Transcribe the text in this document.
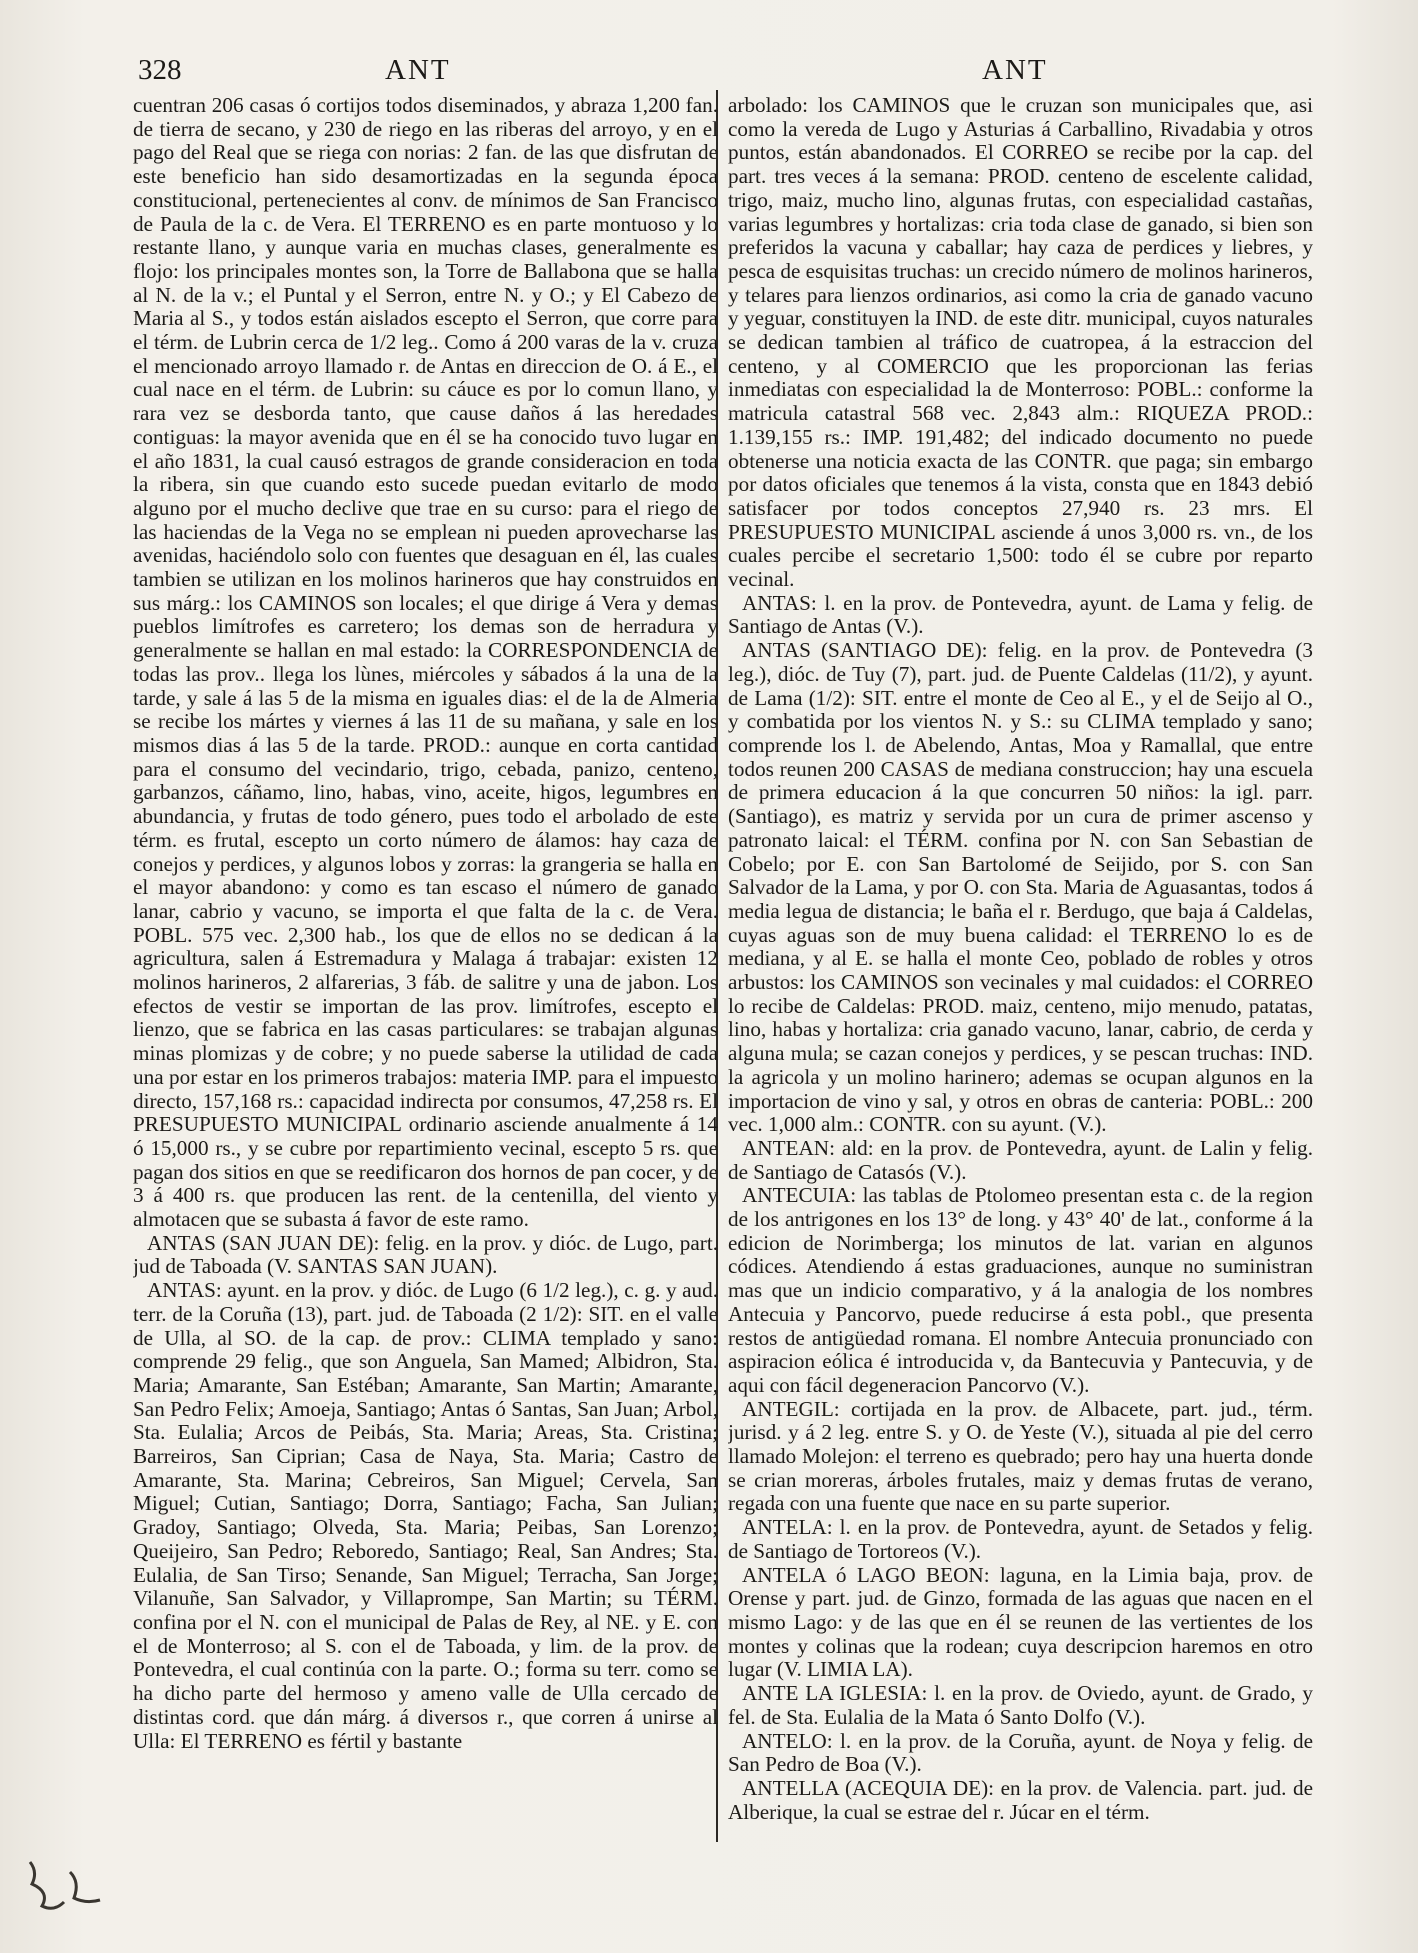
328	ANT	ANT

cuentran 206 casas ó cortijos todos diseminados, y abraza 1,200 fan. de tierra de secano, y 230 de riego en las riberas del arroyo, y en el pago del Real que se riega con norias: 2 fan. de las que disfrutan de este beneficio han sido desamortizadas en la segunda época constitucional, pertenecientes al conv. de mínimos de San Francisco de Paula de la c. de Vera. El TERRENO es en parte montuoso y lo restante llano, y aunque varia en muchas clases, generalmente es flojo: los principales montes son, la Torre de Ballabona que se halla al N. de la v.; el Puntal y el Serron, entre N. y O.; y El Cabezo de Maria al S., y todos están aislados escepto el Serron, que corre para el térm. de Lubrin cerca de 1/2 leg.. Como á 200 varas de la v. cruza el mencionado arroyo llamado r. de Antas en direccion de O. á E., el cual nace en el térm. de Lubrin: su cáuce es por lo comun llano, y rara vez se desborda tanto, que cause daños á las heredades contiguas: la mayor avenida que en él se ha conocido tuvo lugar en el año 1831, la cual causó estragos de grande consideracion en toda la ribera, sin que cuando esto sucede puedan evitarlo de modo alguno por el mucho declive que trae en su curso: para el riego de las haciendas de la Vega no se emplean ni pueden aprovecharse las avenidas, haciéndolo solo con fuentes que desaguan en él, las cuales tambien se utilizan en los molinos harineros que hay construidos en sus márg.: los CAMINOS son locales; el que dirige á Vera y demas pueblos limítrofes es carretero; los demas son de herradura y generalmente se hallan en mal estado: la CORRESPONDENCIA de todas las prov.. llega los lùnes, miércoles y sábados á la una de la tarde, y sale á las 5 de la misma en iguales dias: el de la de Almeria se recibe los mártes y viernes á las 11 de su mañana, y sale en los mismos dias á las 5 de la tarde. PROD.: aunque en corta cantidad para el consumo del vecindario, trigo, cebada, panizo, centeno, garbanzos, cáñamo, lino, habas, vino, aceite, higos, legumbres en abundancia, y frutas de todo género, pues todo el arbolado de este térm. es frutal, escepto un corto número de álamos: hay caza de conejos y perdices, y algunos lobos y zorras: la grangeria se halla en el mayor abandono: y como es tan escaso el número de ganado lanar, cabrio y vacuno, se importa el que falta de la c. de Vera. POBL. 575 vec. 2,300 hab., los que de ellos no se dedican á la agricultura, salen á Estremadura y Malaga á trabajar: existen 12 molinos harineros, 2 alfarerias, 3 fáb. de salitre y una de jabon. Los efectos de vestir se importan de las prov. limítrofes, escepto el lienzo, que se fabrica en las casas particulares: se trabajan algunas minas plomizas y de cobre; y no puede saberse la utilidad de cada una por estar en los primeros trabajos: materia IMP. para el impuesto directo, 157,168 rs.: capacidad indirecta por consumos, 47,258 rs. El PRESUPUESTO MUNICIPAL ordinario asciende anualmente á 14 ó 15,000 rs., y se cubre por repartimiento vecinal, escepto 5 rs. que pagan dos sitios en que se reedificaron dos hornos de pan cocer, y de 3 á 400 rs. que producen las rent. de la centenilla, del viento y almotacen que se subasta á favor de este ramo.

ANTAS (SAN JUAN DE): felig. en la prov. y dióc. de Lugo, part. jud de Taboada (V. SANTAS SAN JUAN).

ANTAS: ayunt. en la prov. y dióc. de Lugo (6 1/2 leg.), c. g. y aud. terr. de la Coruña (13), part. jud. de Taboada (2 1/2): SIT. en el valle de Ulla, al SO. de la cap. de prov.: CLIMA templado y sano: comprende 29 felig., que son Anguela, San Mamed; Albidron, Sta. Maria; Amarante, San Estéban; Amarante, San Martin; Amarante, San Pedro Felix; Amoeja, Santiago; Antas ó Santas, San Juan; Arbol, Sta. Eulalia; Arcos de Peibás, Sta. Maria; Areas, Sta. Cristina; Barreiros, San Ciprian; Casa de Naya, Sta. Maria; Castro de Amarante, Sta. Marina; Cebreiros, San Miguel; Cervela, San Miguel; Cutian, Santiago; Dorra, Santiago; Facha, San Julian; Gradoy, Santiago; Olveda, Sta. Maria; Peibas, San Lorenzo; Queijeiro, San Pedro; Reboredo, Santiago; Real, San Andres; Sta. Eulalia, de San Tirso; Senande, San Miguel; Terracha, San Jorge; Vilanuñe, San Salvador, y Villaprompe, San Martin; su TÉRM. confina por el N. con el municipal de Palas de Rey, al NE. y E. con el de Monterroso; al S. con el de Taboada, y lim. de la prov. de Pontevedra, el cual continúa con la parte. O.; forma su terr. como se ha dicho parte del hermoso y ameno valle de Ulla cercado de distintas cord. que dán márg. á diversos r., que corren á unirse al Ulla: El TERRENO es fértil y bastante

arbolado: los CAMINOS que le cruzan son municipales que, asi como la vereda de Lugo y Asturias á Carballino, Rivadabia y otros puntos, están abandonados. El CORREO se recibe por la cap. del part. tres veces á la semana: PROD. centeno de escelente calidad, trigo, maiz, mucho lino, algunas frutas, con especialidad castañas, varias legumbres y hortalizas: cria toda clase de ganado, si bien son preferidos la vacuna y caballar; hay caza de perdices y liebres, y pesca de esquisitas truchas: un crecido número de molinos harineros, y telares para lienzos ordinarios, asi como la cria de ganado vacuno y yeguar, constituyen la IND. de este ditr. municipal, cuyos naturales se dedican tambien al tráfico de cuatropea, á la estraccion del centeno, y al COMERCIO que les proporcionan las ferias inmediatas con especialidad la de Monterroso: POBL.: conforme la matricula catastral 568 vec. 2,843 alm.: RIQUEZA PROD.: 1.139,155 rs.: IMP. 191,482; del indicado documento no puede obtenerse una noticia exacta de las CONTR. que paga; sin embargo por datos oficiales que tenemos á la vista, consta que en 1843 debió satisfacer por todos conceptos 27,940 rs. 23 mrs. El PRESUPUESTO MUNICIPAL asciende á unos 3,000 rs. vn., de los cuales percibe el secretario 1,500: todo él se cubre por reparto vecinal.

ANTAS: l. en la prov. de Pontevedra, ayunt. de Lama y felig. de Santiago de Antas (V.).

ANTAS (SANTIAGO DE): felig. en la prov. de Pontevedra (3 leg.), dióc. de Tuy (7), part. jud. de Puente Caldelas (11/2), y ayunt. de Lama (1/2): SIT. entre el monte de Ceo al E., y el de Seijo al O., y combatida por los vientos N. y S.: su CLIMA templado y sano; comprende los l. de Abelendo, Antas, Moa y Ramallal, que entre todos reunen 200 CASAS de mediana construccion; hay una escuela de primera educacion á la que concurren 50 niños: la igl. parr. (Santiago), es matriz y servida por un cura de primer ascenso y patronato laical: el TÉRM. confina por N. con San Sebastian de Cobelo; por E. con San Bartolomé de Seijido, por S. con San Salvador de la Lama, y por O. con Sta. Maria de Aguasantas, todos á media legua de distancia; le baña el r. Berdugo, que baja á Caldelas, cuyas aguas son de muy buena calidad: el TERRENO lo es de mediana, y al E. se halla el monte Ceo, poblado de robles y otros arbustos: los CAMINOS son vecinales y mal cuidados: el CORREO lo recibe de Caldelas: PROD. maiz, centeno, mijo menudo, patatas, lino, habas y hortaliza: cria ganado vacuno, lanar, cabrio, de cerda y alguna mula; se cazan conejos y perdices, y se pescan truchas: IND. la agricola y un molino harinero; ademas se ocupan algunos en la importacion de vino y sal, y otros en obras de canteria: POBL.: 200 vec. 1,000 alm.: CONTR. con su ayunt. (V.).

ANTEAN: ald: en la prov. de Pontevedra, ayunt. de Lalin y felig. de Santiago de Catasós (V.).

ANTECUIA: las tablas de Ptolomeo presentan esta c. de la region de los antrigones en los 13° de long. y 43° 40' de lat., conforme á la edicion de Norimberga; los minutos de lat. varian en algunos códices. Atendiendo á estas graduaciones, aunque no suministran mas que un indicio comparativo, y á la analogia de los nombres Antecuia y Pancorvo, puede reducirse á esta pobl., que presenta restos de antigüedad romana. El nombre Antecuia pronunciado con aspiracion eólica é introducida v, da Bantecuvia y Pantecuvia, y de aqui con fácil degeneracion Pancorvo (V.).

ANTEGIL: cortijada en la prov. de Albacete, part. jud., térm. jurisd. y á 2 leg. entre S. y O. de Yeste (V.), situada al pie del cerro llamado Molejon: el terreno es quebrado; pero hay una huerta donde se crian moreras, árboles frutales, maiz y demas frutas de verano, regada con una fuente que nace en su parte superior.

ANTELA: l. en la prov. de Pontevedra, ayunt. de Setados y felig. de Santiago de Tortoreos (V.).

ANTELA ó LAGO BEON: laguna, en la Limia baja, prov. de Orense y part. jud. de Ginzo, formada de las aguas que nacen en el mismo Lago: y de las que en él se reunen de las vertientes de los montes y colinas que la rodean; cuya descripcion haremos en otro lugar (V. LIMIA LA).

ANTE LA IGLESIA: l. en la prov. de Oviedo, ayunt. de Grado, y fel. de Sta. Eulalia de la Mata ó Santo Dolfo (V.).

ANTELO: l. en la prov. de la Coruña, ayunt. de Noya y felig. de San Pedro de Boa (V.).

ANTELLA (ACEQUIA DE): en la prov. de Valencia. part. jud. de Alberique, la cual se estrae del r. Júcar en el térm.
